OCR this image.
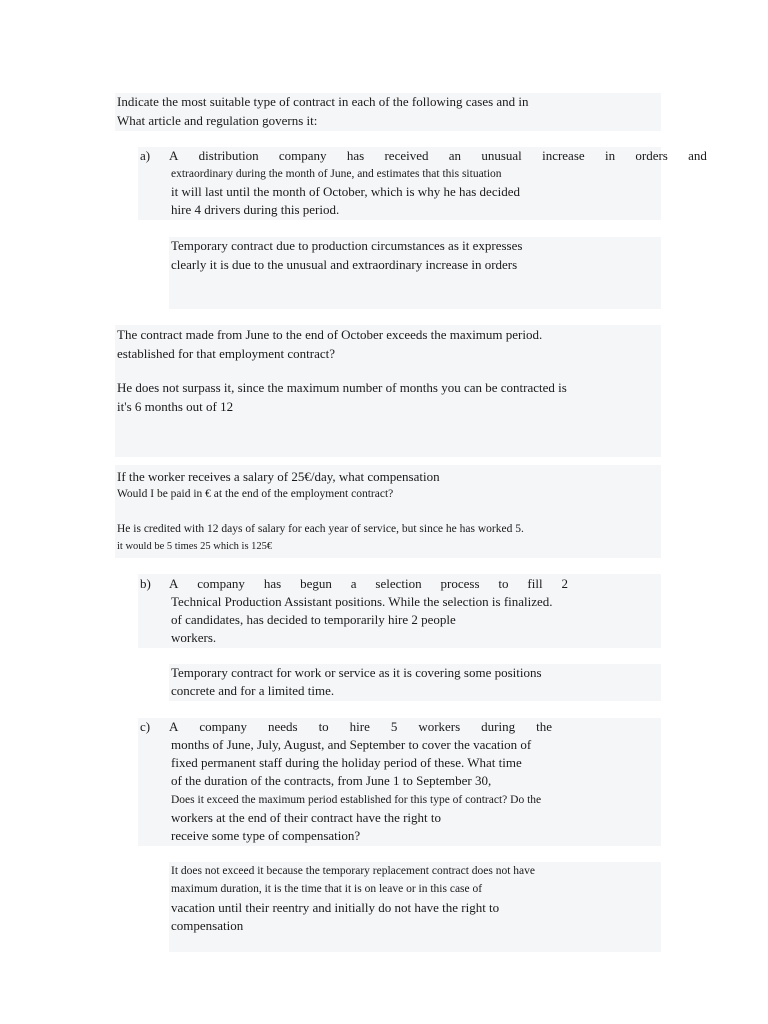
Indicate the most suitable type of contract in each of the following cases and in

What article and regulation governs it:

a) A distribution company has received an unusual increase in orders and

extraordinary during the month of June, and estimates that this situation

it will last until the month of October, which is why he has decided

hire 4 drivers during this period.

Temporary contract due to production circumstances as it expresses

clearly it is due to the unusual and extraordinary increase in orders

The contract made from June to the end of October exceeds the maximum period.

established for that employment contract?

He does not surpass it, since the maximum number of months you can be contracted is

it's 6 months out of 12

If the worker receives a salary of 25€/day, what compensation

Would I be paid in € at the end of the employment contract?

He is credited with 12 days of salary for each year of service, but since he has worked 5.

it would be 5 times 25 which is 125€

b) A company has begun a selection process to fill 2

Technical Production Assistant positions. While the selection is finalized.

of candidates, has decided to temporarily hire 2 people

workers.

Temporary contract for work or service as it is covering some positions

concrete and for a limited time.

c) A company needs to hire 5 workers during the

months of June, July, August, and September to cover the vacation of

fixed permanent staff during the holiday period of these. What time

of the duration of the contracts, from June 1 to September 30,

Does it exceed the maximum period established for this type of contract? Do the

workers at the end of their contract have the right to

receive some type of compensation?

It does not exceed it because the temporary replacement contract does not have

maximum duration, it is the time that it is on leave or in this case of

vacation until their reentry and initially do not have the right to

compensation
